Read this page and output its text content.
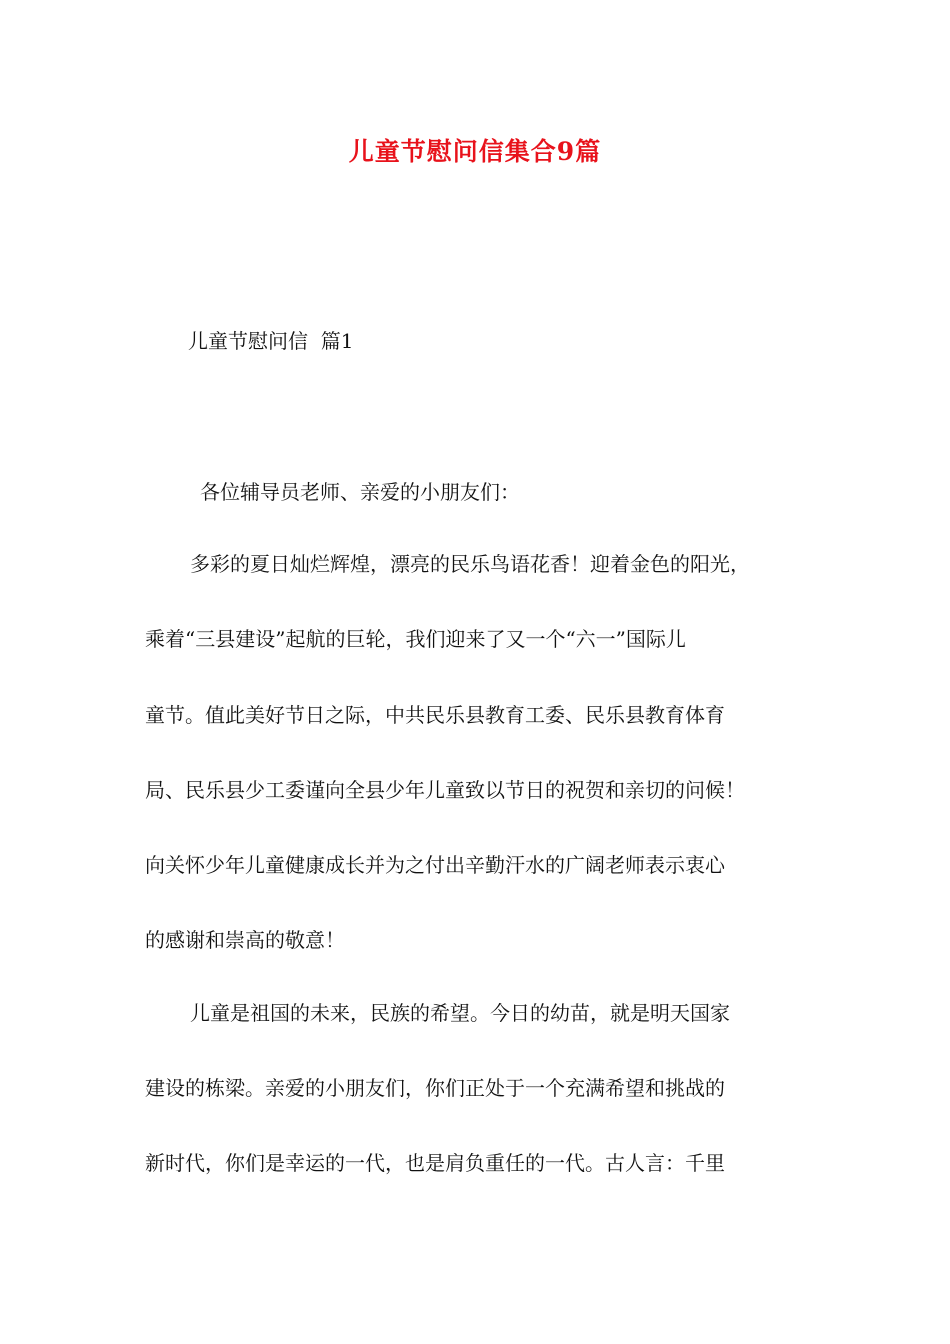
儿童节慰问信集合9篇
儿童节慰问信  篇1
各位辅导员老师、亲爱的小朋友们：
多彩的夏日灿烂辉煌，漂亮的民乐鸟语花香！迎着金色的阳光，
乘着“三县建设”起航的巨轮，我们迎来了又一个“六一”国际儿
童节。值此美好节日之际，中共民乐县教育工委、民乐县教育体育
局、民乐县少工委谨向全县少年儿童致以节日的祝贺和亲切的问候！
向关怀少年儿童健康成长并为之付出辛勤汗水的广阔老师表示衷心
的感谢和崇高的敬意！
儿童是祖国的未来，民族的希望。今日的幼苗，就是明天国家
建设的栋梁。亲爱的小朋友们，你们正处于一个充满希望和挑战的
新时代，你们是幸运的一代，也是肩负重任的一代。古人言：千里
